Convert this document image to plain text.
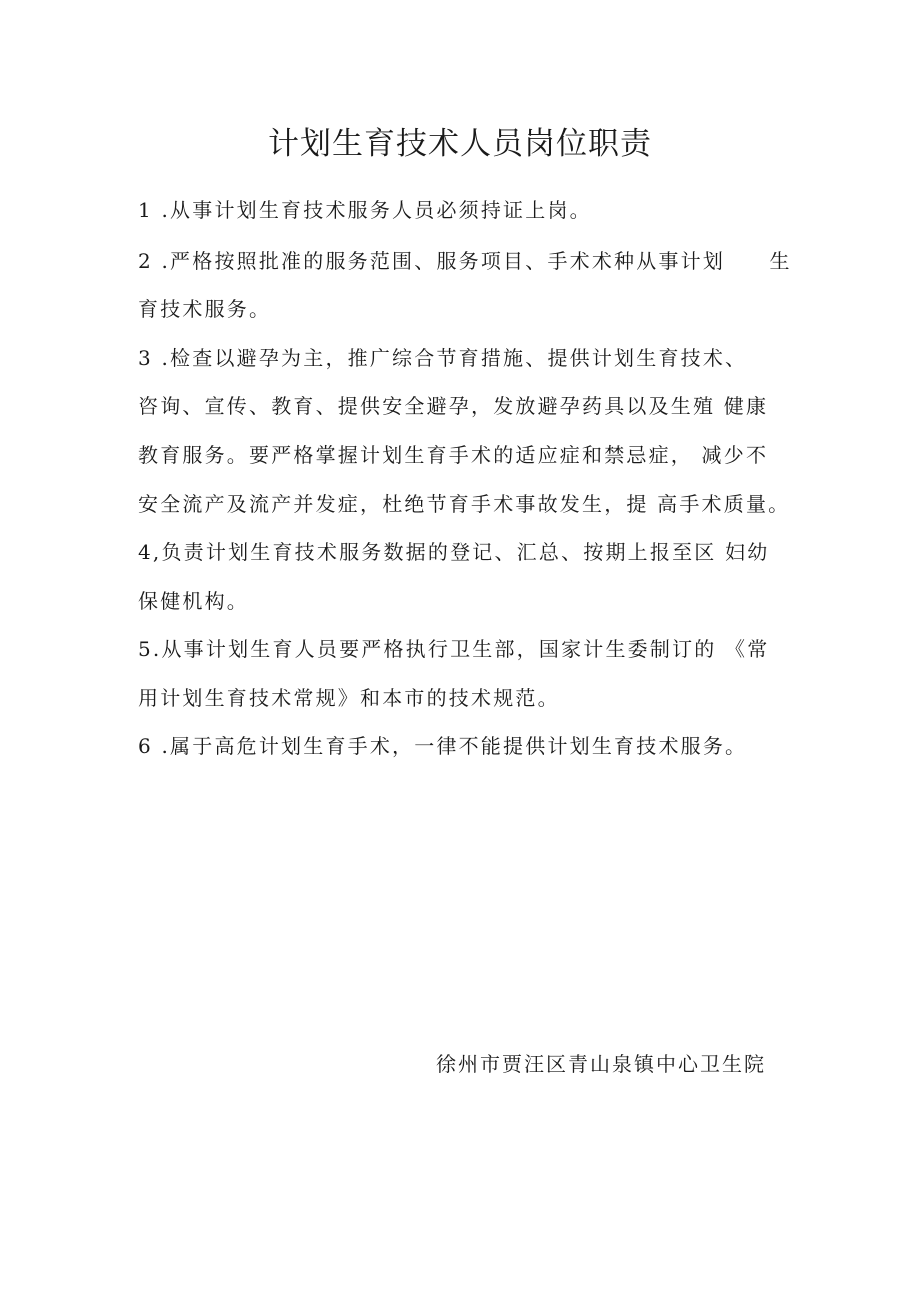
计划生育技术人员岗位职责
1 .从事计划生育技术服务人员必须持证上岗。
2 .严格按照批准的服务范围、服务项目、手术术种从事计划　　生
育技术服务。
3 .检查以避孕为主，推广综合节育措施、提供计划生育技术、
咨询、宣传、教育、提供安全避孕，发放避孕药具以及生殖 健康
教育服务。要严格掌握计划生育手术的适应症和禁忌症， 减少不
安全流产及流产并发症，杜绝节育手术事故发生，提 高手术质量。
4,负责计划生育技术服务数据的登记、汇总、按期上报至区 妇幼
保健机构。
5.从事计划生育人员要严格执行卫生部，国家计生委制订的 《常
用计划生育技术常规》和本市的技术规范。
6 .属于高危计划生育手术，一律不能提供计划生育技术服务。
徐州市贾汪区青山泉镇中心卫生院
